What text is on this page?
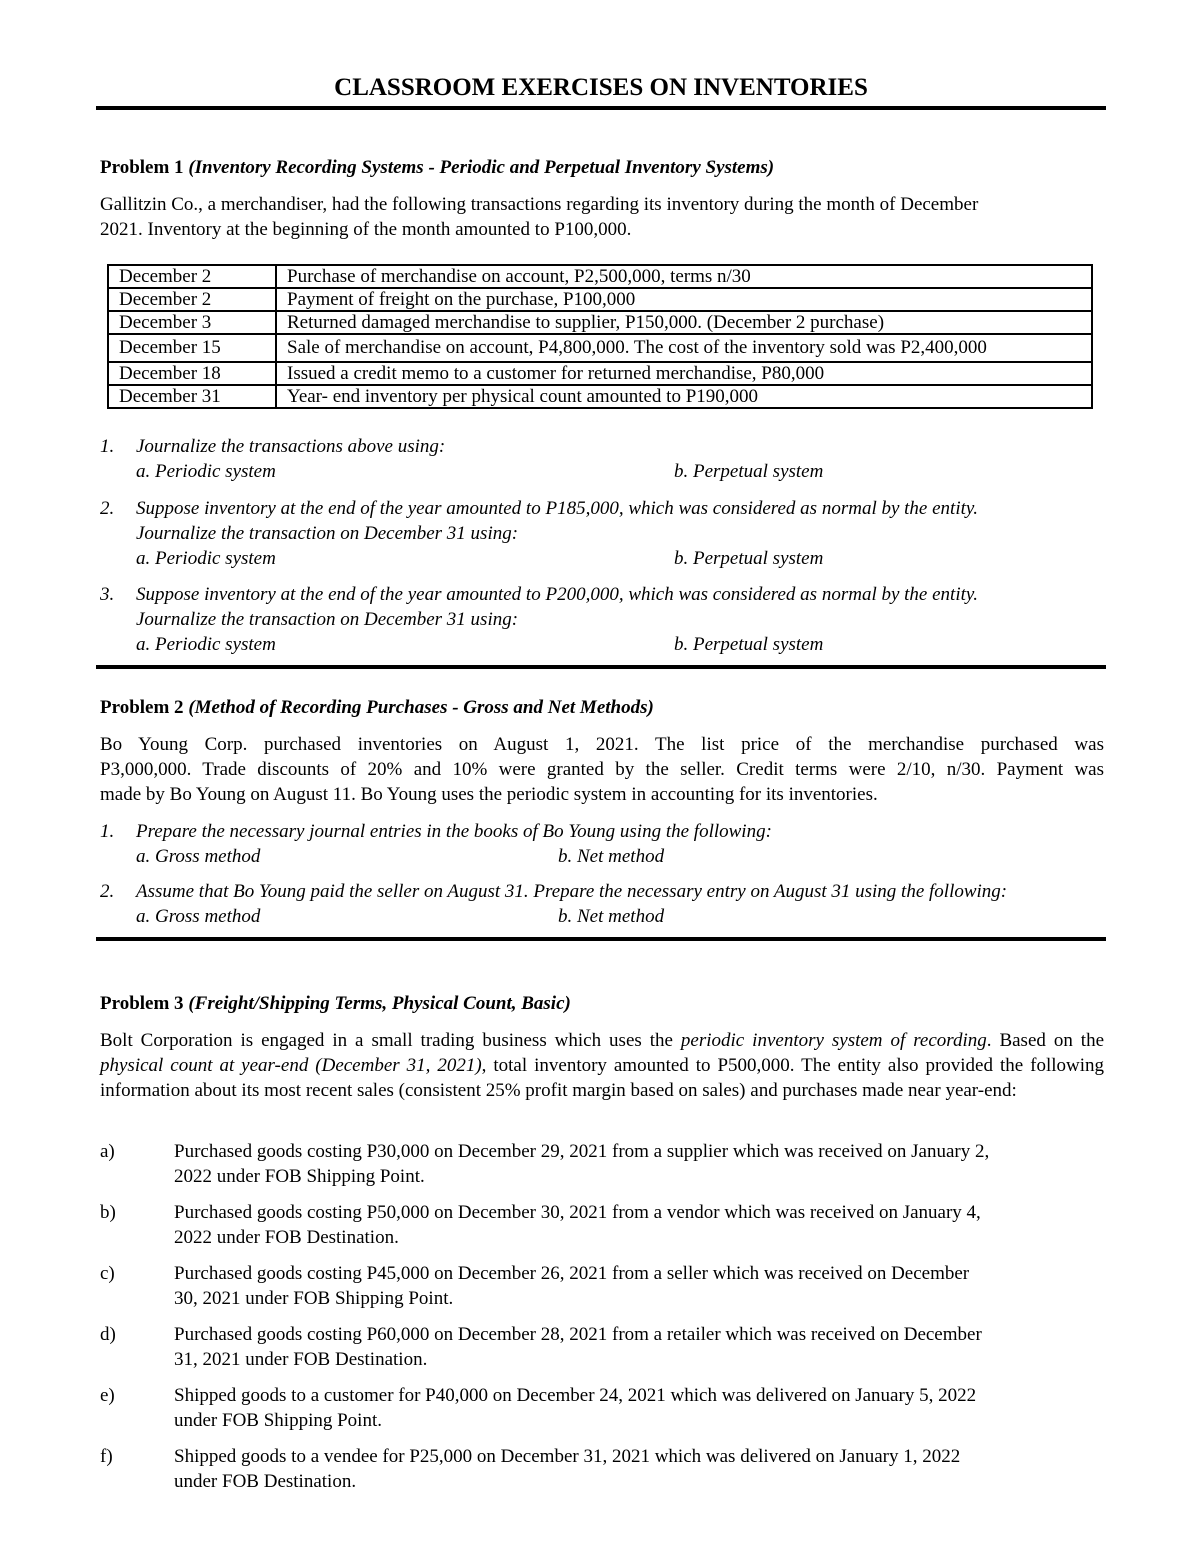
CLASSROOM EXERCISES ON INVENTORIES

Problem 1 (Inventory Recording Systems - Periodic and Perpetual Inventory Systems)

Gallitzin Co., a merchandiser, had the following transactions regarding its inventory during the month of December
2021. Inventory at the beginning of the month amounted to P100,000.
December 2	Purchase of merchandise on account, P2,500,000, terms n/30
December 2	Payment of freight on the purchase, P100,000
December 3	Returned damaged merchandise to supplier, P150,000. (December 2 purchase)
December 15	Sale of merchandise on account, P4,800,000. The cost of the inventory sold was P2,400,000
December 18	Issued a credit memo to a customer for returned merchandise, P80,000
December 31	Year- end inventory per physical count amounted to P190,000
1. Journalize the transactions above using:
a. Periodic system	b. Perpetual system
2. Suppose inventory at the end of the year amounted to P185,000, which was considered as normal by the entity.
Journalize the transaction on December 31 using:
a. Periodic system	b. Perpetual system
3. Suppose inventory at the end of the year amounted to P200,000, which was considered as normal by the entity.
Journalize the transaction on December 31 using:
a. Periodic system	b. Perpetual system

Problem 2 (Method of Recording Purchases - Gross and Net Methods)

Bo Young Corp. purchased inventories on August 1, 2021. The list price of the merchandise purchased was
P3,000,000. Trade discounts of 20% and 10% were granted by the seller. Credit terms were 2/10, n/30. Payment was
made by Bo Young on August 11. Bo Young uses the periodic system in accounting for its inventories.
1. Prepare the necessary journal entries in the books of Bo Young using the following:
a. Gross method	b. Net method
2. Assume that Bo Young paid the seller on August 31. Prepare the necessary entry on August 31 using the following:
a. Gross method	b. Net method

Problem 3 (Freight/Shipping Terms, Physical Count, Basic)

Bolt Corporation is engaged in a small trading business which uses the periodic inventory system of recording. Based on the physical count at year-end (December 31, 2021), total inventory amounted to P500,000. The entity also provided the following information about its most recent sales (consistent 25% profit margin based on sales) and purchases made near year-end:
a)	Purchased goods costing P30,000 on December 29, 2021 from a supplier which was received on January 2,
2022 under FOB Shipping Point.
b)	Purchased goods costing P50,000 on December 30, 2021 from a vendor which was received on January 4,
2022 under FOB Destination.
c)	Purchased goods costing P45,000 on December 26, 2021 from a seller which was received on December
30, 2021 under FOB Shipping Point.
d)	Purchased goods costing P60,000 on December 28, 2021 from a retailer which was received on December
31, 2021 under FOB Destination.
e)	Shipped goods to a customer for P40,000 on December 24, 2021 which was delivered on January 5, 2022
under FOB Shipping Point.
f)	Shipped goods to a vendee for P25,000 on December 31, 2021 which was delivered on January 1, 2022
under FOB Destination.
